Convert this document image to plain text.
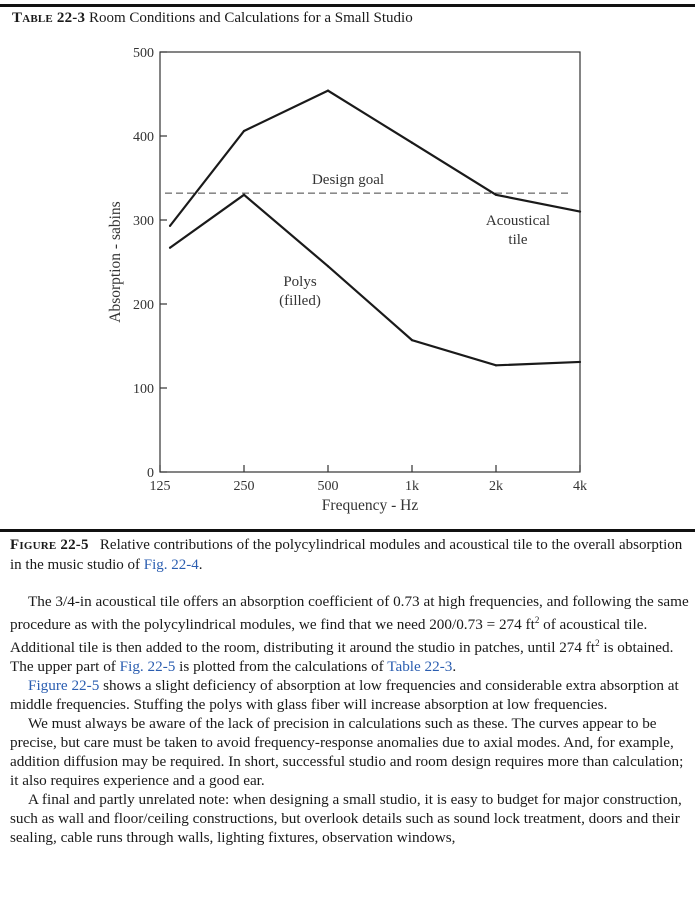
Table 22-3 Room Conditions and Calculations for a Small Studio
0
100
200
300
400
500
125	250	500	1k	2k	4k
Design goal
Acoustical
tile
Polys
(filled)
Frequency - Hz
Absorption - sabins
Figure 22-5 Relative contributions of the polycylindrical modules and acoustical tile to the overall absorption in the music studio of Fig. 22-4.

The 3/4-in acoustical tile offers an absorption coefficient of 0.73 at high frequencies, and following the same procedure as with the polycylindrical modules, we find that we need 200/0.73 = 274 $ft^2$ of acoustical tile. Additional tile is then added to the room, distributing it around the studio in patches, until 274 $ft^2$ is obtained. The upper part of Fig. 22-5 is plotted from the calculations of Table 22-3.

Figure 22-5 shows a slight deficiency of absorption at low frequencies and considerable extra absorption at middle frequencies. Stuffing the polys with glass fiber will increase absorption at low frequencies.

We must always be aware of the lack of precision in calculations such as these. The curves appear to be precise, but care must be taken to avoid frequency-response anomalies due to axial modes. And, for example, addition diffusion may be required. In short, successful studio and room design requires more than calculation; it also requires experience and a good ear.

A final and partly unrelated note: when designing a small studio, it is easy to budget for major construction, such as wall and floor/ceiling constructions, but overlook details such as sound lock treatment, doors and their sealing, cable runs through walls, lighting fixtures, observation windows,
